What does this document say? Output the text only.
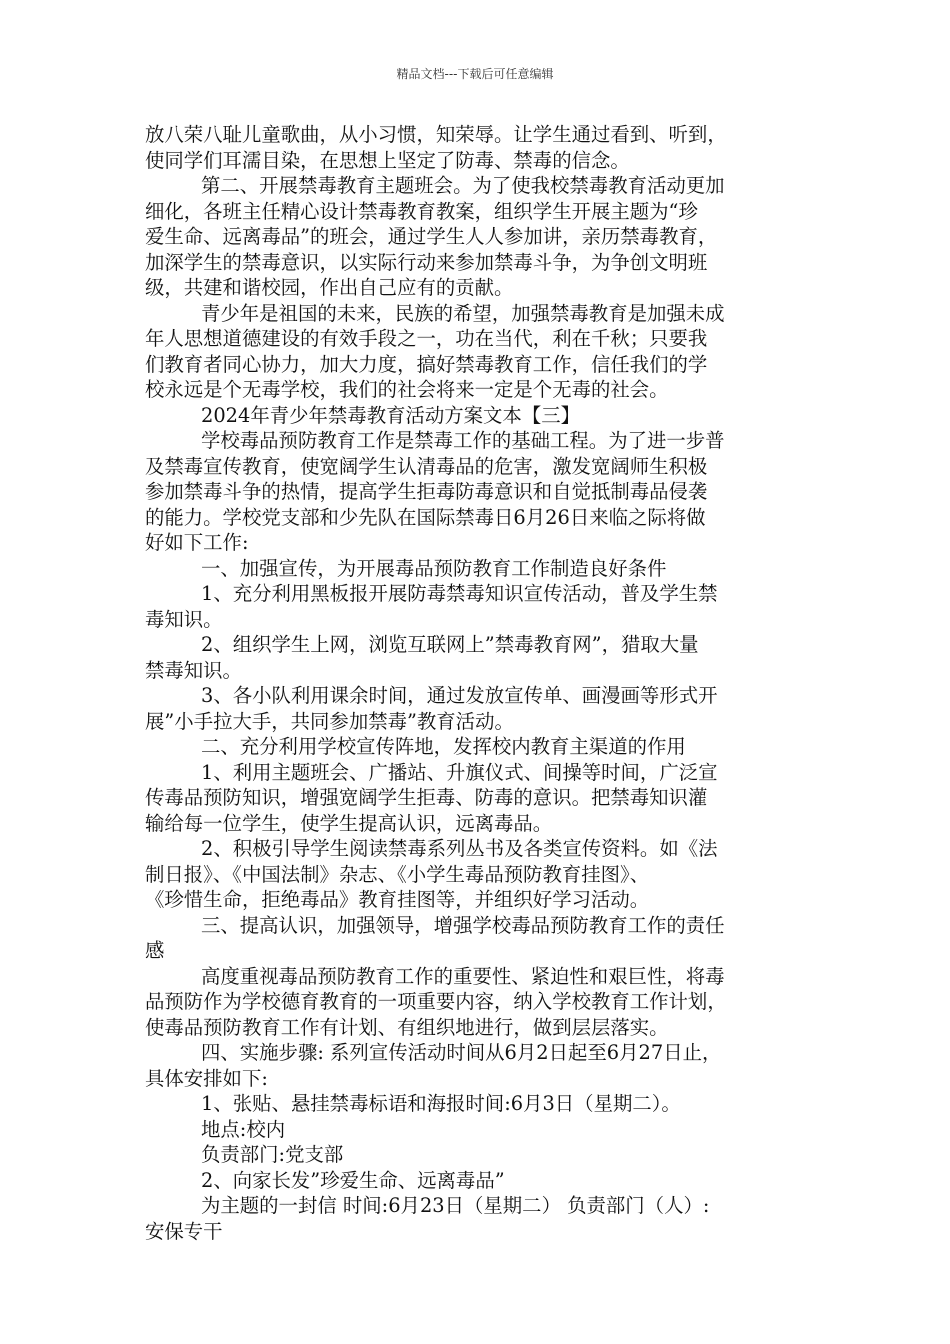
精品文档---下载后可任意编辑
放八荣八耻儿童歌曲，从小习惯，知荣辱。让学生通过看到、听到，
使同学们耳濡目染，在思想上坚定了防毒、禁毒的信念。
第二、开展禁毒教育主题班会。为了使我校禁毒教育活动更加
细化，各班主任精心设计禁毒教育教案，组织学生开展主题为“珍
爱生命、远离毒品”的班会，通过学生人人参加讲，亲历禁毒教育，
加深学生的禁毒意识，以实际行动来参加禁毒斗争，为争创文明班
级，共建和谐校园，作出自己应有的贡献。
青少年是祖国的未来，民族的希望，加强禁毒教育是加强未成
年人思想道德建设的有效手段之一，功在当代，利在千秋；只要我
们教育者同心协力，加大力度，搞好禁毒教育工作，信任我们的学
校永远是个无毒学校，我们的社会将来一定是个无毒的社会。
2024年青少年禁毒教育活动方案文本【三】
学校毒品预防教育工作是禁毒工作的基础工程。为了进一步普
及禁毒宣传教育，使宽阔学生认清毒品的危害，激发宽阔师生积极
参加禁毒斗争的热情，提高学生拒毒防毒意识和自觉抵制毒品侵袭
的能力。学校党支部和少先队在国际禁毒日6月26日来临之际将做
好如下工作:
一、加强宣传，为开展毒品预防教育工作制造良好条件
1、充分利用黑板报开展防毒禁毒知识宣传活动，普及学生禁
毒知识。
2、组织学生上网，浏览互联网上”禁毒教育网”，猎取大量
禁毒知识。
3、各小队利用课余时间，通过发放宣传单、画漫画等形式开
展”小手拉大手，共同参加禁毒”教育活动。
二、充分利用学校宣传阵地，发挥校内教育主渠道的作用
1、利用主题班会、广播站、升旗仪式、间操等时间，广泛宣
传毒品预防知识，增强宽阔学生拒毒、防毒的意识。把禁毒知识灌
输给每一位学生，使学生提高认识，远离毒品。
2、积极引导学生阅读禁毒系列丛书及各类宣传资料。如《法
制日报》、《中国法制》杂志、《小学生毒品预防教育挂图》、
《珍惜生命，拒绝毒品》教育挂图等，并组织好学习活动。
三、提高认识，加强领导，增强学校毒品预防教育工作的责任
感
高度重视毒品预防教育工作的重要性、紧迫性和艰巨性，将毒
品预防作为学校德育教育的一项重要内容，纳入学校教育工作计划，
使毒品预防教育工作有计划、有组织地进行，做到层层落实。
四、实施步骤: 系列宣传活动时间从6月2日起至6月27日止，
具体安排如下:
1、张贴、悬挂禁毒标语和海报时间:6月3日（星期二）。
地点:校内
负责部门:党支部
2、向家长发”珍爱生命、远离毒品”
为主题的一封信 时间:6月23日（星期二） 负责部门（人）:
安保专干
